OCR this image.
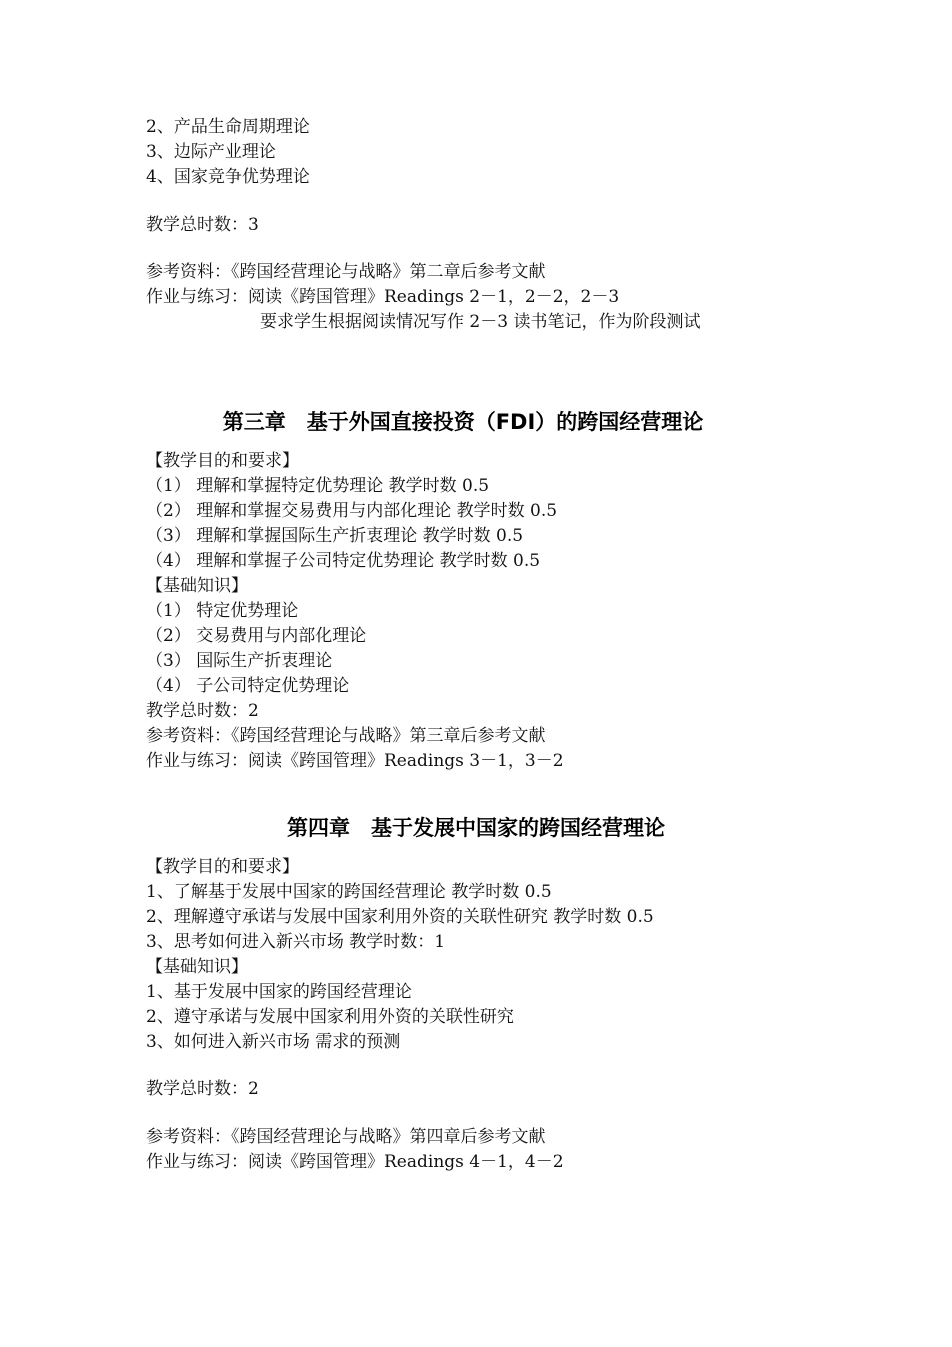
2、产品生命周期理论
3、边际产业理论
4、国家竞争优势理论
教学总时数：3
参考资料：《跨国经营理论与战略》第二章后参考文献
作业与练习：阅读《跨国管理》Readings 2－1，2－2，2－3
要求学生根据阅读情况写作 2－3 读书笔记，作为阶段测试
第三章　基于外国直接投资（FDI）的跨国经营理论
【教学目的和要求】
（1） 理解和掌握特定优势理论 教学时数 0.5
（2） 理解和掌握交易费用与内部化理论 教学时数 0.5
（3） 理解和掌握国际生产折衷理论 教学时数 0.5
（4） 理解和掌握子公司特定优势理论 教学时数 0.5
【基础知识】
（1） 特定优势理论
（2） 交易费用与内部化理论
（3） 国际生产折衷理论
（4） 子公司特定优势理论
教学总时数：2
参考资料：《跨国经营理论与战略》第三章后参考文献
作业与练习：阅读《跨国管理》Readings 3－1，3－2
第四章　基于发展中国家的跨国经营理论
【教学目的和要求】
1、了解基于发展中国家的跨国经营理论 教学时数 0.5
2、理解遵守承诺与发展中国家利用外资的关联性研究 教学时数 0.5
3、思考如何进入新兴市场 教学时数：1
【基础知识】
1、基于发展中国家的跨国经营理论
2、遵守承诺与发展中国家利用外资的关联性研究
3、如何进入新兴市场 需求的预测
教学总时数：2
参考资料：《跨国经营理论与战略》第四章后参考文献
作业与练习：阅读《跨国管理》Readings 4－1，4－2
